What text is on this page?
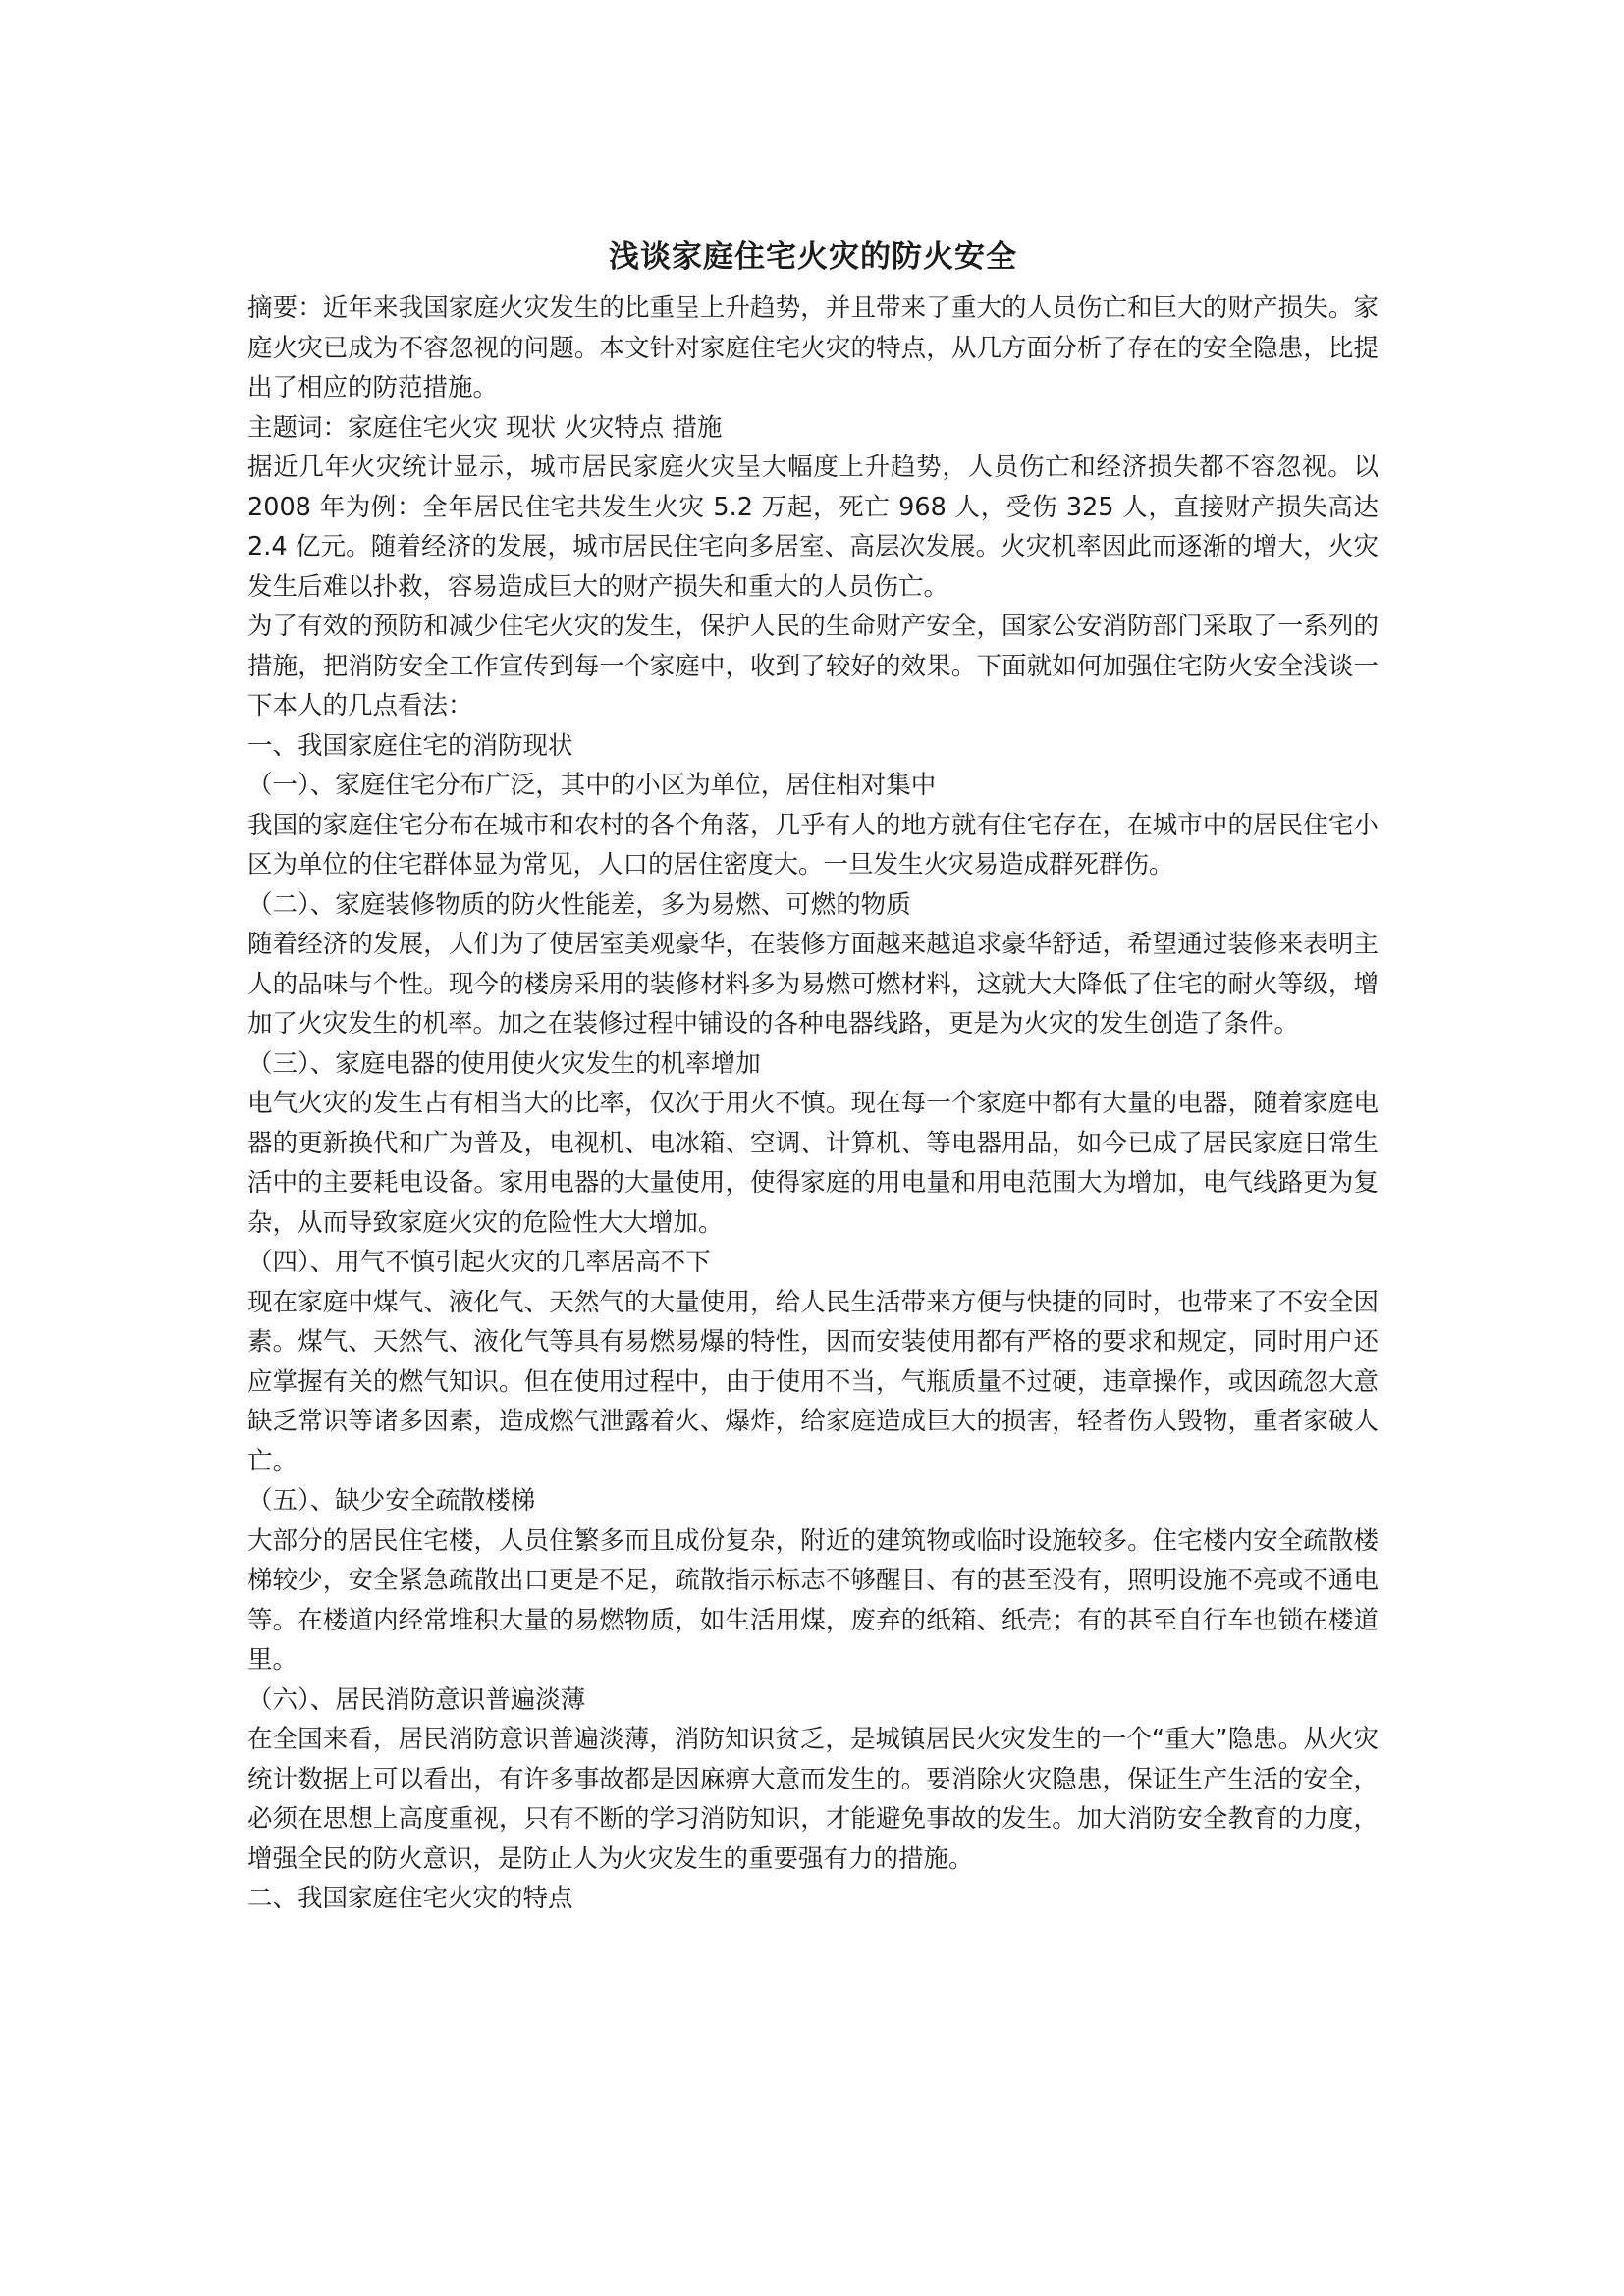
浅谈家庭住宅火灾的防火安全

摘要：近年来我国家庭火灾发生的比重呈上升趋势，并且带来了重大的人员伤亡和巨大的财产损失。家庭火灾已成为不容忽视的问题。本文针对家庭住宅火灾的特点，从几方面分析了存在的安全隐患，比提出了相应的防范措施。

主题词：家庭住宅火灾 现状 火灾特点 措施

据近几年火灾统计显示，城市居民家庭火灾呈大幅度上升趋势，人员伤亡和经济损失都不容忽视。以 2008 年为例：全年居民住宅共发生火灾 5.2 万起，死亡 968 人，受伤 325 人，直接财产损失高达 2.4 亿元。随着经济的发展，城市居民住宅向多居室、高层次发展。火灾机率因此而逐渐的增大，火灾发生后难以扑救，容易造成巨大的财产损失和重大的人员伤亡。

为了有效的预防和减少住宅火灾的发生，保护人民的生命财产安全，国家公安消防部门采取了一系列的措施，把消防安全工作宣传到每一个家庭中，收到了较好的效果。下面就如何加强住宅防火安全浅谈一下本人的几点看法：

一、我国家庭住宅的消防现状

（一）、家庭住宅分布广泛，其中的小区为单位，居住相对集中

我国的家庭住宅分布在城市和农村的各个角落，几乎有人的地方就有住宅存在，在城市中的居民住宅小区为单位的住宅群体显为常见，人口的居住密度大。一旦发生火灾易造成群死群伤。

（二）、家庭装修物质的防火性能差，多为易燃、可燃的物质

随着经济的发展，人们为了使居室美观豪华，在装修方面越来越追求豪华舒适，希望通过装修来表明主人的品味与个性。现今的楼房采用的装修材料多为易燃可燃材料，这就大大降低了住宅的耐火等级，增加了火灾发生的机率。加之在装修过程中铺设的各种电器线路，更是为火灾的发生创造了条件。

（三）、家庭电器的使用使火灾发生的机率增加

电气火灾的发生占有相当大的比率，仅次于用火不慎。现在每一个家庭中都有大量的电器，随着家庭电器的更新换代和广为普及，电视机、电冰箱、空调、计算机、等电器用品，如今已成了居民家庭日常生活中的主要耗电设备。家用电器的大量使用，使得家庭的用电量和用电范围大为增加，电气线路更为复杂，从而导致家庭火灾的危险性大大增加。

（四）、用气不慎引起火灾的几率居高不下

现在家庭中煤气、液化气、天然气的大量使用，给人民生活带来方便与快捷的同时，也带来了不安全因素。煤气、天然气、液化气等具有易燃易爆的特性，因而安装使用都有严格的要求和规定，同时用户还应掌握有关的燃气知识。但在使用过程中，由于使用不当，气瓶质量不过硬，违章操作，或因疏忽大意缺乏常识等诸多因素，造成燃气泄露着火、爆炸，给家庭造成巨大的损害，轻者伤人毁物，重者家破人亡。

（五）、缺少安全疏散楼梯

大部分的居民住宅楼，人员住繁多而且成份复杂，附近的建筑物或临时设施较多。住宅楼内安全疏散楼梯较少，安全紧急疏散出口更是不足，疏散指示标志不够醒目、有的甚至没有，照明设施不亮或不通电等。在楼道内经常堆积大量的易燃物质，如生活用煤，废弃的纸箱、纸壳；有的甚至自行车也锁在楼道里。

（六）、居民消防意识普遍淡薄

在全国来看，居民消防意识普遍淡薄，消防知识贫乏，是城镇居民火灾发生的一个“重大”隐患。从火灾统计数据上可以看出，有许多事故都是因麻痹大意而发生的。要消除火灾隐患，保证生产生活的安全，必须在思想上高度重视，只有不断的学习消防知识，才能避免事故的发生。加大消防安全教育的力度，增强全民的防火意识，是防止人为火灾发生的重要强有力的措施。

二、我国家庭住宅火灾的特点
